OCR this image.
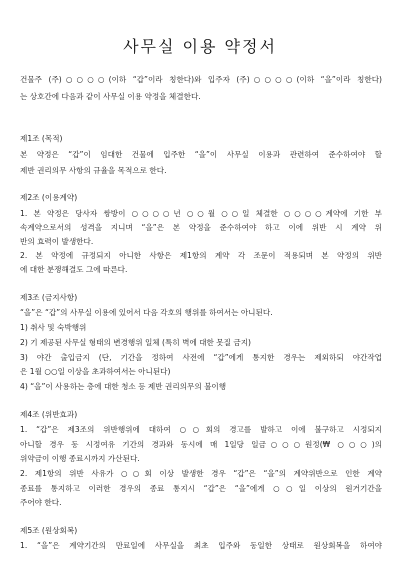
사무실 이용 약정서
건물주 (주)○○○○(이하 “갑”이라 칭한다)와 입주자 (주)○○○○(이하 “을”이라 칭한다)
는 상호간에 다음과 같이 사무실 이용 약정을 체결한다.
제1조 (목적)
본 약정은 “갑”이 임대한 건물에 입주한 “을”이 사무실 이용과 관련하여 준수하여야 할
제반 권리의무 사항의 규율을 목적으로 한다.
제2조 (이용계약)
1. 본 약정은 당사자 쌍방이 ○○○○년 ○○월 ○○일 체결한 ○○○○계약에 기한 부
속계약으로서의 성격을 지니며 “을”은 본 약정을 준수하여야 하고 이에 위반 시 계약 위
반의 효력이 발생한다.
2. 본 약정에 규정되지 아니한 사항은 제1항의 계약 각 조문이 적용되며 본 약정의 위반
에 대한 분쟁해결도 그에 따른다.
제3조 (금지사항)
“을”은 “갑”의 사무실 이용에 있어서 다음 각호의 행위를 하여서는 아니된다.
1) 취사 및 숙박행위
2) 기 제공된 사무실 형태의 변경행위 일체 (특히 벽에 대한 못질 금지)
3) 야간 출입금지 (단, 기간을 정하여 사전에 “갑”에게 통지한 경우는 제외하되 야간작업
은 1월 ○○일 이상을 초과하여서는 아니된다)
4) “을”이 사용하는 층에 대한 청소 등 제반 권리의무의 불이행
제4조 (위반효과)
1. “갑”은 제3조의 위반행위에 대하여 ○○회의 경고를 발하고 이에 불구하고 시정되지
아니할 경우 동 시정여유 기간의 경과와 동시에 매 1일당 일금○○○원정(₩ ○○○)의
위약금이 이행 종료시까지 가산된다.
2. 제1항의 위반 사유가 ○○회 이상 발생한 경우 “갑”은 “을”의 계약위반으로 인한 계약
종료를 통지하고 이러한 경우의 종료 통지시 “갑”은 “을”에게 ○○일 이상의 원거기간을
주어야 한다.
제5조 (원상회복)
1. “을”은 계약기간의 만료일에 사무실을 최초 입주와 동일한 상태로 원상회복을 하여야
